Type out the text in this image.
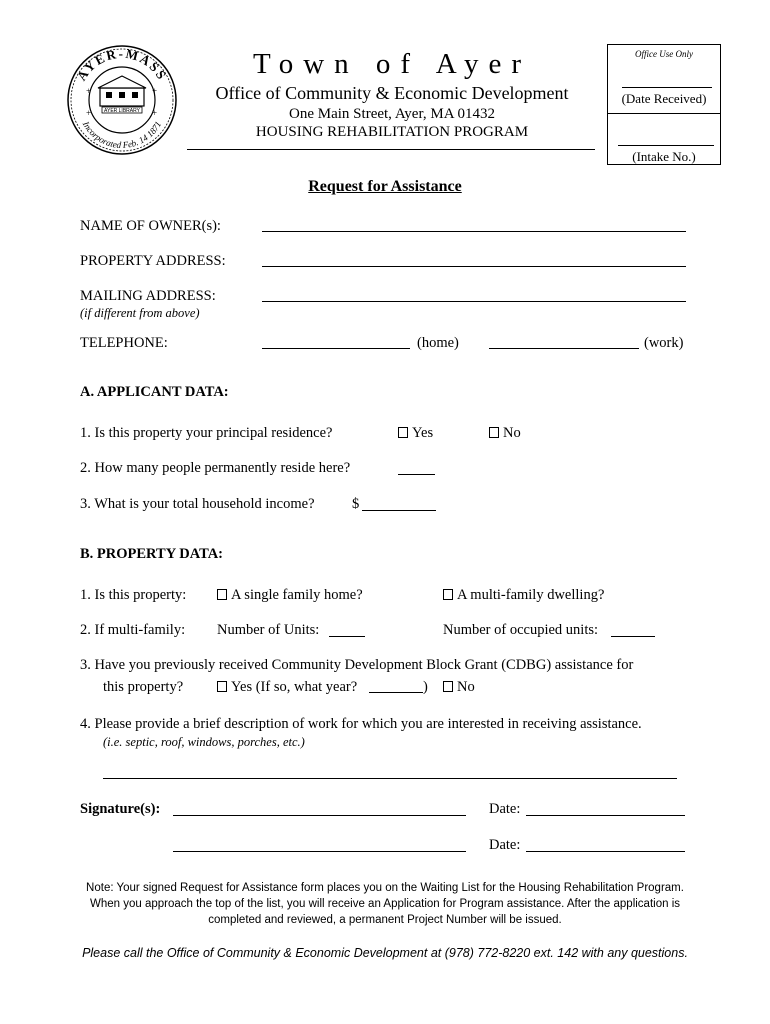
AYER-MASS
Incorporated Feb. 14 1871
AYER LIBRARY
+	+
+	+
Town of Ayer
Office of Community & Economic Development
One Main Street, Ayer, MA 01432
HOUSING REHABILITATION PROGRAM
Office Use Only
(Date Received)
(Intake No.)
Request for Assistance
NAME OF OWNER(s):
PROPERTY ADDRESS:
MAILING ADDRESS:
(if different from above)
TELEPHONE:	(home)	(work)
A. APPLICANT DATA:
1. Is this property your principal residence?	Yes	No
2. How many people permanently reside here?
3. What is your total household income?	$
B. PROPERTY DATA:
1. Is this property:	A single family home?	A multi-family dwelling?
2. If multi-family: Number of Units:	Number of occupied units:
3. Have you previously received Community Development Block Grant (CDBG) assistance for
this property?	Yes (If so, what year?	)	No
4. Please provide a brief description of work for which you are interested in receiving assistance.
(i.e. septic, roof, windows, porches, etc.)
Signature(s):	Date:
Date:
Note: Your signed Request for Assistance form places you on the Waiting List for the Housing Rehabilitation Program.
When you approach the top of the list, you will receive an Application for Program assistance. After the application is
completed and reviewed, a permanent Project Number will be issued.
Please call the Office of Community & Economic Development at (978) 772-8220 ext. 142 with any questions.
